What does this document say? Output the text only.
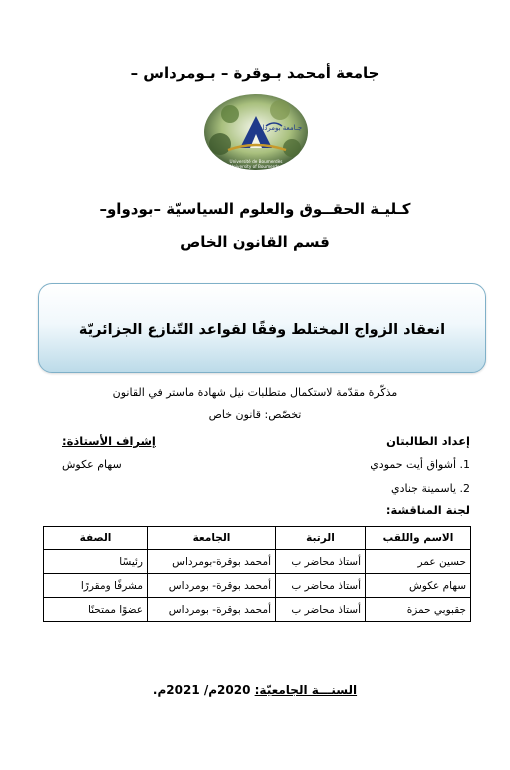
جامعة أمحمد بـوقرة – بـومرداس –
جـامعة بومرداس
Université de Boumerdès
University of Boumerdes
كـليـة الحقــوق والعلوم السياسيّة –بودواو–
قسم القانون الخاص
انعقاد الزواج المختلط وفقًا لقواعد التّنازع الجزائريّة
مذكّرة مقدّمة لاستكمال متطلبات نيل شهادة ماستر في القانون
تخصّص: قانون خاص
إعداد الطالبتان
إشراف الأستاذة:
1. أشواق أيت حمودي
سهام عكوش
2. ياسمينة جنادي
لجنة المناقشة:
الاسم واللقب	الرتبة	الجامعة	الصفة
حسين عمر	أستاذ محاضر ب	أمحمد بوقرة-بومرداس	رئيسًا
سهام عكوش	أستاذ محاضر ب	أمحمد بوقرة- بومرداس	مشرفًا ومقررًا
جقبوبي حمزة	أستاذ محاضر ب	أمحمد بوقرة- بومرداس	عضوًا ممتحنًا
السنـــة الجامعيّة: 2020م/ 2021م.
